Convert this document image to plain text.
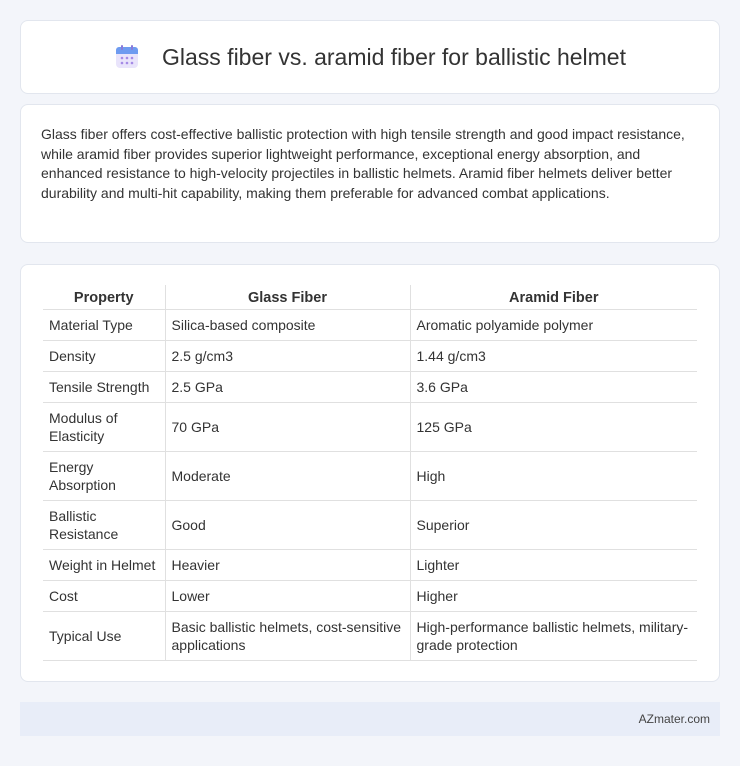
Glass fiber vs. aramid fiber for ballistic helmet

Glass fiber offers cost-effective ballistic protection with high tensile strength and good impact resistance, while aramid fiber provides superior lightweight performance, exceptional energy absorption, and enhanced resistance to high-velocity projectiles in ballistic helmets. Aramid fiber helmets deliver better durability and multi-hit capability, making them preferable for advanced combat applications.

Property	Glass Fiber	Aramid Fiber
Material Type	Silica-based composite	Aromatic polyamide polymer
Density	2.5 g/cm3	1.44 g/cm3
Tensile Strength	2.5 GPa	3.6 GPa
Modulus of Elasticity	70 GPa	125 GPa
Energy Absorption	Moderate	High
Ballistic Resistance	Good	Superior
Weight in Helmet	Heavier	Lighter
Cost	Lower	Higher
Typical Use	Basic ballistic helmets, cost-sensitive applications	High-performance ballistic helmets, military-grade protection
AZmater.com
